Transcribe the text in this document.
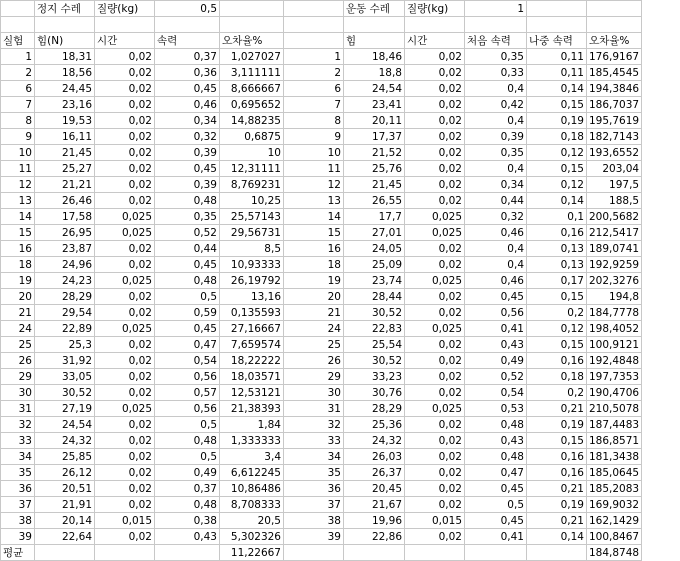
	정지 수레	질량(kg)	0,5			운동 수레	질량(kg)	1		

실험	힘(N)	시간	속력	오차율%		힘	시간	처음 속력	나중 속력	오차율%
1	18,31	0,02	0,37	1,027027	1	18,46	0,02	0,35	0,11	176,9167
2	18,56	0,02	0,36	3,111111	2	18,8	0,02	0,33	0,11	185,4545
6	24,45	0,02	0,45	8,666667	6	24,54	0,02	0,4	0,14	194,3846
7	23,16	0,02	0,46	0,695652	7	23,41	0,02	0,42	0,15	186,7037
8	19,53	0,02	0,34	14,88235	8	20,11	0,02	0,4	0,19	195,7619
9	16,11	0,02	0,32	0,6875	9	17,37	0,02	0,39	0,18	182,7143
10	21,45	0,02	0,39	10	10	21,52	0,02	0,35	0,12	193,6552
11	25,27	0,02	0,45	12,31111	11	25,76	0,02	0,4	0,15	203,04
12	21,21	0,02	0,39	8,769231	12	21,45	0,02	0,34	0,12	197,5
13	26,46	0,02	0,48	10,25	13	26,55	0,02	0,44	0,14	188,5
14	17,58	0,025	0,35	25,57143	14	17,7	0,025	0,32	0,1	200,5682
15	26,95	0,025	0,52	29,56731	15	27,01	0,025	0,46	0,16	212,5417
16	23,87	0,02	0,44	8,5	16	24,05	0,02	0,4	0,13	189,0741
18	24,96	0,02	0,45	10,93333	18	25,09	0,02	0,4	0,13	192,9259
19	24,23	0,025	0,48	26,19792	19	23,74	0,025	0,46	0,17	202,3276
20	28,29	0,02	0,5	13,16	20	28,44	0,02	0,45	0,15	194,8
21	29,54	0,02	0,59	0,135593	21	30,52	0,02	0,56	0,2	184,7778
24	22,89	0,025	0,45	27,16667	24	22,83	0,025	0,41	0,12	198,4052
25	25,3	0,02	0,47	7,659574	25	25,54	0,02	0,43	0,15	100,9121
26	31,92	0,02	0,54	18,22222	26	30,52	0,02	0,49	0,16	192,4848
29	33,05	0,02	0,56	18,03571	29	33,23	0,02	0,52	0,18	197,7353
30	30,52	0,02	0,57	12,53121	30	30,76	0,02	0,54	0,2	190,4706
31	27,19	0,025	0,56	21,38393	31	28,29	0,025	0,53	0,21	210,5078
32	24,54	0,02	0,5	1,84	32	25,36	0,02	0,48	0,19	187,4483
33	24,32	0,02	0,48	1,333333	33	24,32	0,02	0,43	0,15	186,8571
34	25,85	0,02	0,5	3,4	34	26,03	0,02	0,48	0,16	181,3438
35	26,12	0,02	0,49	6,612245	35	26,37	0,02	0,47	0,16	185,0645
36	20,51	0,02	0,37	10,86486	36	20,45	0,02	0,45	0,21	185,2083
37	21,91	0,02	0,48	8,708333	37	21,67	0,02	0,5	0,19	169,9032
38	20,14	0,015	0,38	20,5	38	19,96	0,015	0,45	0,21	162,1429
39	22,64	0,02	0,43	5,302326	39	22,86	0,02	0,41	0,14	100,8467
평균				11,22667						184,8748
